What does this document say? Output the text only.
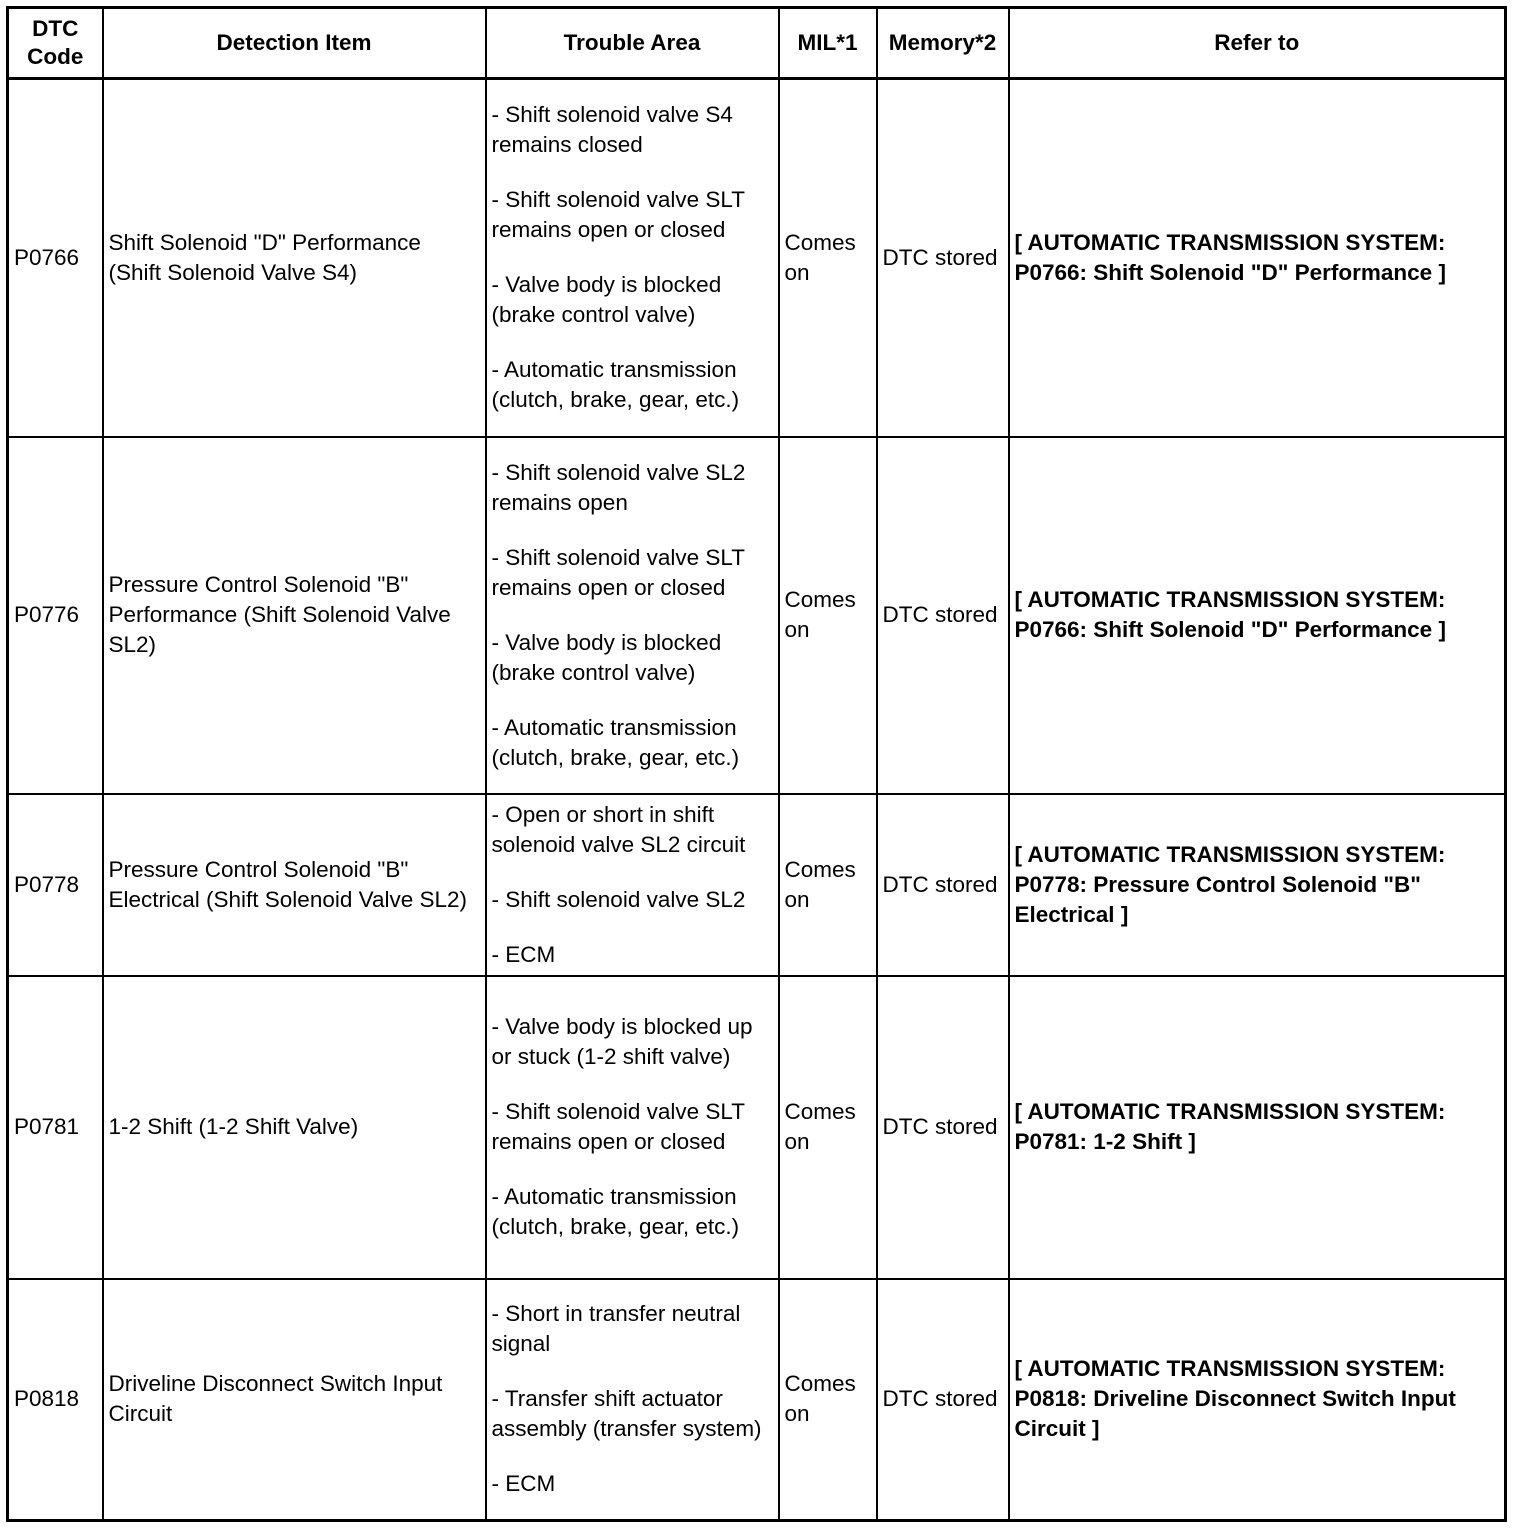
DTC Code	Detection Item	Trouble Area	MIL*1	Memory*2	Refer to
P0766	Shift Solenoid "D" Performance (Shift Solenoid Valve S4)	- Shift solenoid valve S4 remains closed
- Shift solenoid valve SLT remains open or closed
- Valve body is blocked (brake control valve)
- Automatic transmission (clutch, brake, gear, etc.)	Comes on	DTC stored	[ AUTOMATIC TRANSMISSION SYSTEM: P0766: Shift Solenoid "D" Performance ]
P0776	Pressure Control Solenoid "B" Performance (Shift Solenoid Valve SL2)	- Shift solenoid valve SL2 remains open
- Shift solenoid valve SLT remains open or closed
- Valve body is blocked (brake control valve)
- Automatic transmission (clutch, brake, gear, etc.)	Comes on	DTC stored	[ AUTOMATIC TRANSMISSION SYSTEM: P0766: Shift Solenoid "D" Performance ]
P0778	Pressure Control Solenoid "B" Electrical (Shift Solenoid Valve SL2)	- Open or short in shift solenoid valve SL2 circuit
- Shift solenoid valve SL2
- ECM	Comes on	DTC stored	[ AUTOMATIC TRANSMISSION SYSTEM: P0778: Pressure Control Solenoid "B" Electrical ]
P0781	1-2 Shift (1-2 Shift Valve)	- Valve body is blocked up or stuck (1-2 shift valve)
- Shift solenoid valve SLT remains open or closed
- Automatic transmission (clutch, brake, gear, etc.)	Comes on	DTC stored	[ AUTOMATIC TRANSMISSION SYSTEM: P0781: 1-2 Shift ]
P0818	Driveline Disconnect Switch Input Circuit	- Short in transfer neutral signal
- Transfer shift actuator assembly (transfer system)
- ECM	Comes on	DTC stored	[ AUTOMATIC TRANSMISSION SYSTEM: P0818: Driveline Disconnect Switch Input Circuit ]
